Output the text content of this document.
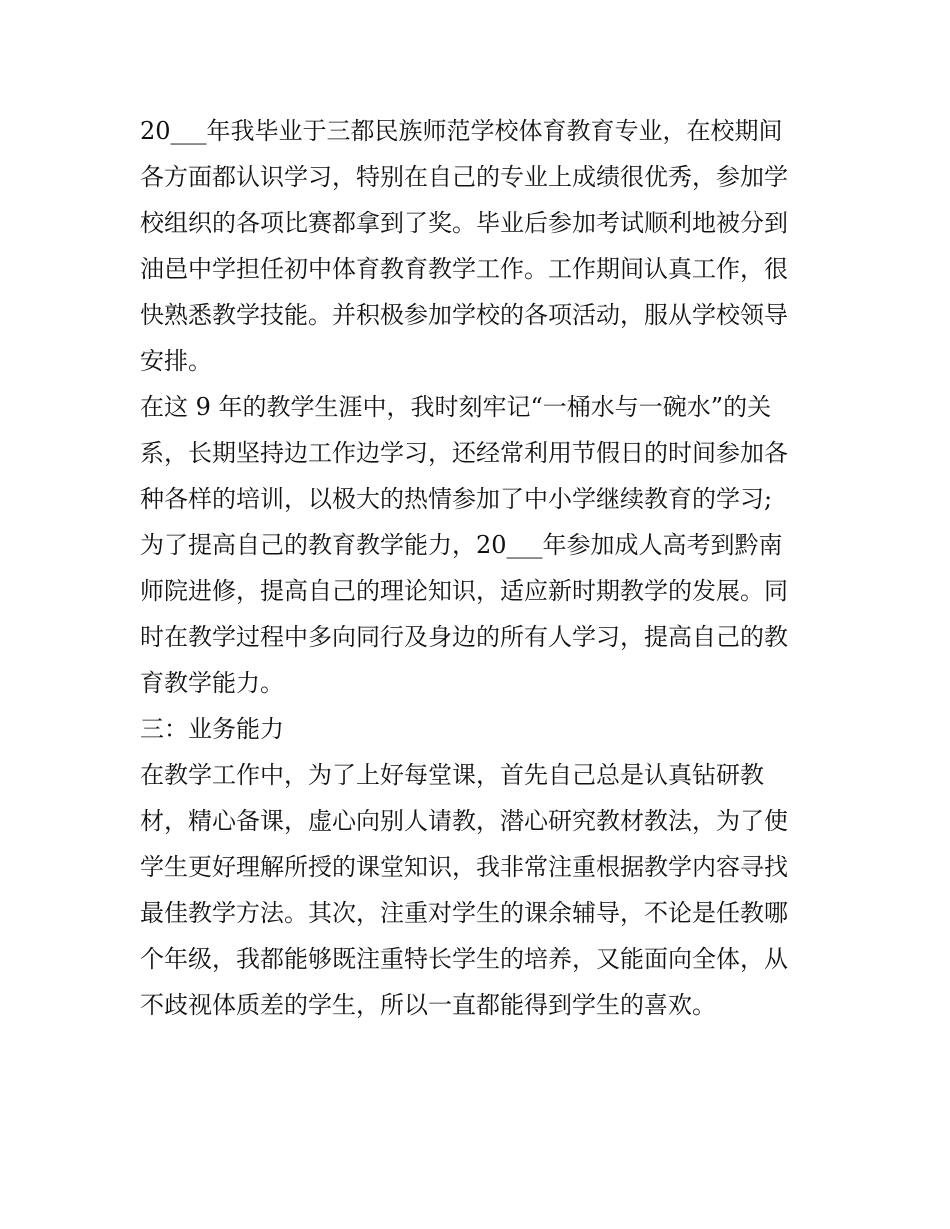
20___年我毕业于三都民族师范学校体育教育专业，在校期间
各方面都认识学习，特别在自己的专业上成绩很优秀，参加学
校组织的各项比赛都拿到了奖。毕业后参加考试顺利地被分到
油邑中学担任初中体育教育教学工作。工作期间认真工作，很
快熟悉教学技能。并积极参加学校的各项活动，服从学校领导
安排。
在这 9 年的教学生涯中，我时刻牢记“一桶水与一碗水”的关
系，长期坚持边工作边学习，还经常利用节假日的时间参加各
种各样的培训，以极大的热情参加了中小学继续教育的学习;
为了提高自己的教育教学能力，20___年参加成人高考到黔南
师院进修，提高自己的理论知识，适应新时期教学的发展。同
时在教学过程中多向同行及身边的所有人学习，提高自己的教
育教学能力。
三：业务能力
在教学工作中，为了上好每堂课，首先自己总是认真钻研教
材，精心备课，虚心向别人请教，潜心研究教材教法，为了使
学生更好理解所授的课堂知识，我非常注重根据教学内容寻找
最佳教学方法。其次，注重对学生的课余辅导，不论是任教哪
个年级，我都能够既注重特长学生的培养，又能面向全体，从
不歧视体质差的学生，所以一直都能得到学生的喜欢。
